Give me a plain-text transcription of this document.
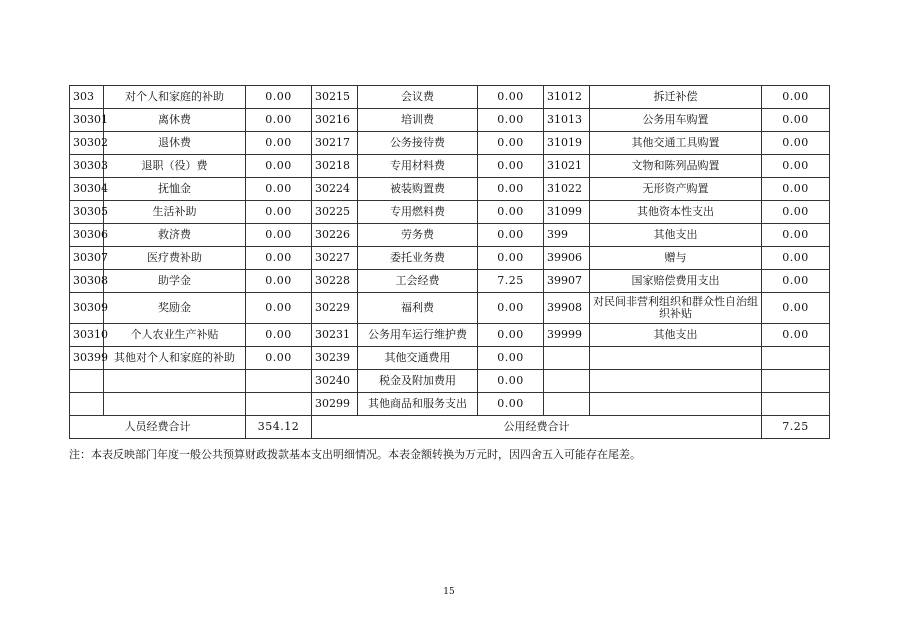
303	对个人和家庭的补助	0.00	30215	会议费	0.00	31012	拆迁补偿	0.00
30301	离休费	0.00	30216	培训费	0.00	31013	公务用车购置	0.00
30302	退休费	0.00	30217	公务接待费	0.00	31019	其他交通工具购置	0.00
30303	退职（役）费	0.00	30218	专用材料费	0.00	31021	文物和陈列品购置	0.00
30304	抚恤金	0.00	30224	被装购置费	0.00	31022	无形资产购置	0.00
30305	生活补助	0.00	30225	专用燃料费	0.00	31099	其他资本性支出	0.00
30306	救济费	0.00	30226	劳务费	0.00	399	其他支出	0.00
30307	医疗费补助	0.00	30227	委托业务费	0.00	39906	赠与	0.00
30308	助学金	0.00	30228	工会经费	7.25	39907	国家赔偿费用支出	0.00
30309	奖励金	0.00	30229	福利费	0.00	39908	对民间非营利组织和群众性自治组织补贴	0.00
30310	个人农业生产补贴	0.00	30231	公务用车运行维护费	0.00	39999	其他支出	0.00
30399	其他对个人和家庭的补助	0.00	30239	其他交通费用	0.00			
			30240	税金及附加费用	0.00			
			30299	其他商品和服务支出	0.00			
人员经费合计		354.12	公用经费合计					7.25
注：本表反映部门年度一般公共预算财政拨款基本支出明细情况。本表金额转换为万元时，因四舍五入可能存在尾差。
15
